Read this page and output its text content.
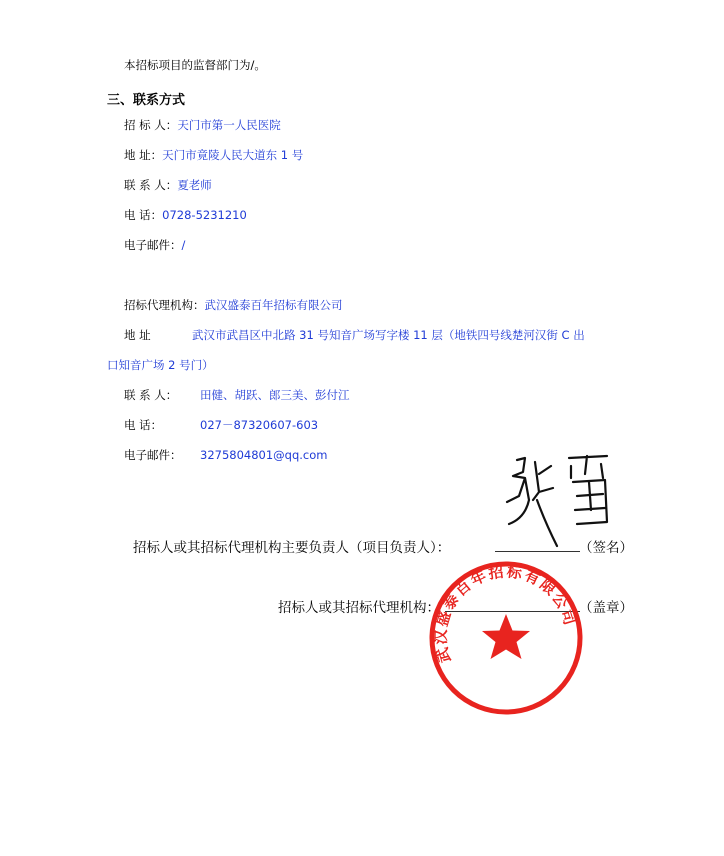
本招标项目的监督部门为/。
三、联系方式
招 标 人：天门市第一人民医院
地 址：天门市竟陵人民大道东 1 号
联 系 人：夏老师
电 话：0728-5231210
电子邮件：/
招标代理机构：武汉盛泰百年招标有限公司
地 址	武汉市武昌区中北路 31 号知音广场写字楼 11 层（地铁四号线楚河汉街 C 出
口知音广场 2 号门）
联 系 人： 田健、胡跃、郎三美、彭付江
电 话：	027－87320607-603
电子邮件： 3275804801@qq.com
招标人或其招标代理机构主要负责人（项目负责人）：	（签名）
招标人或其招标代理机构：	（盖章）
武汉盛泰百年招标有限公司
